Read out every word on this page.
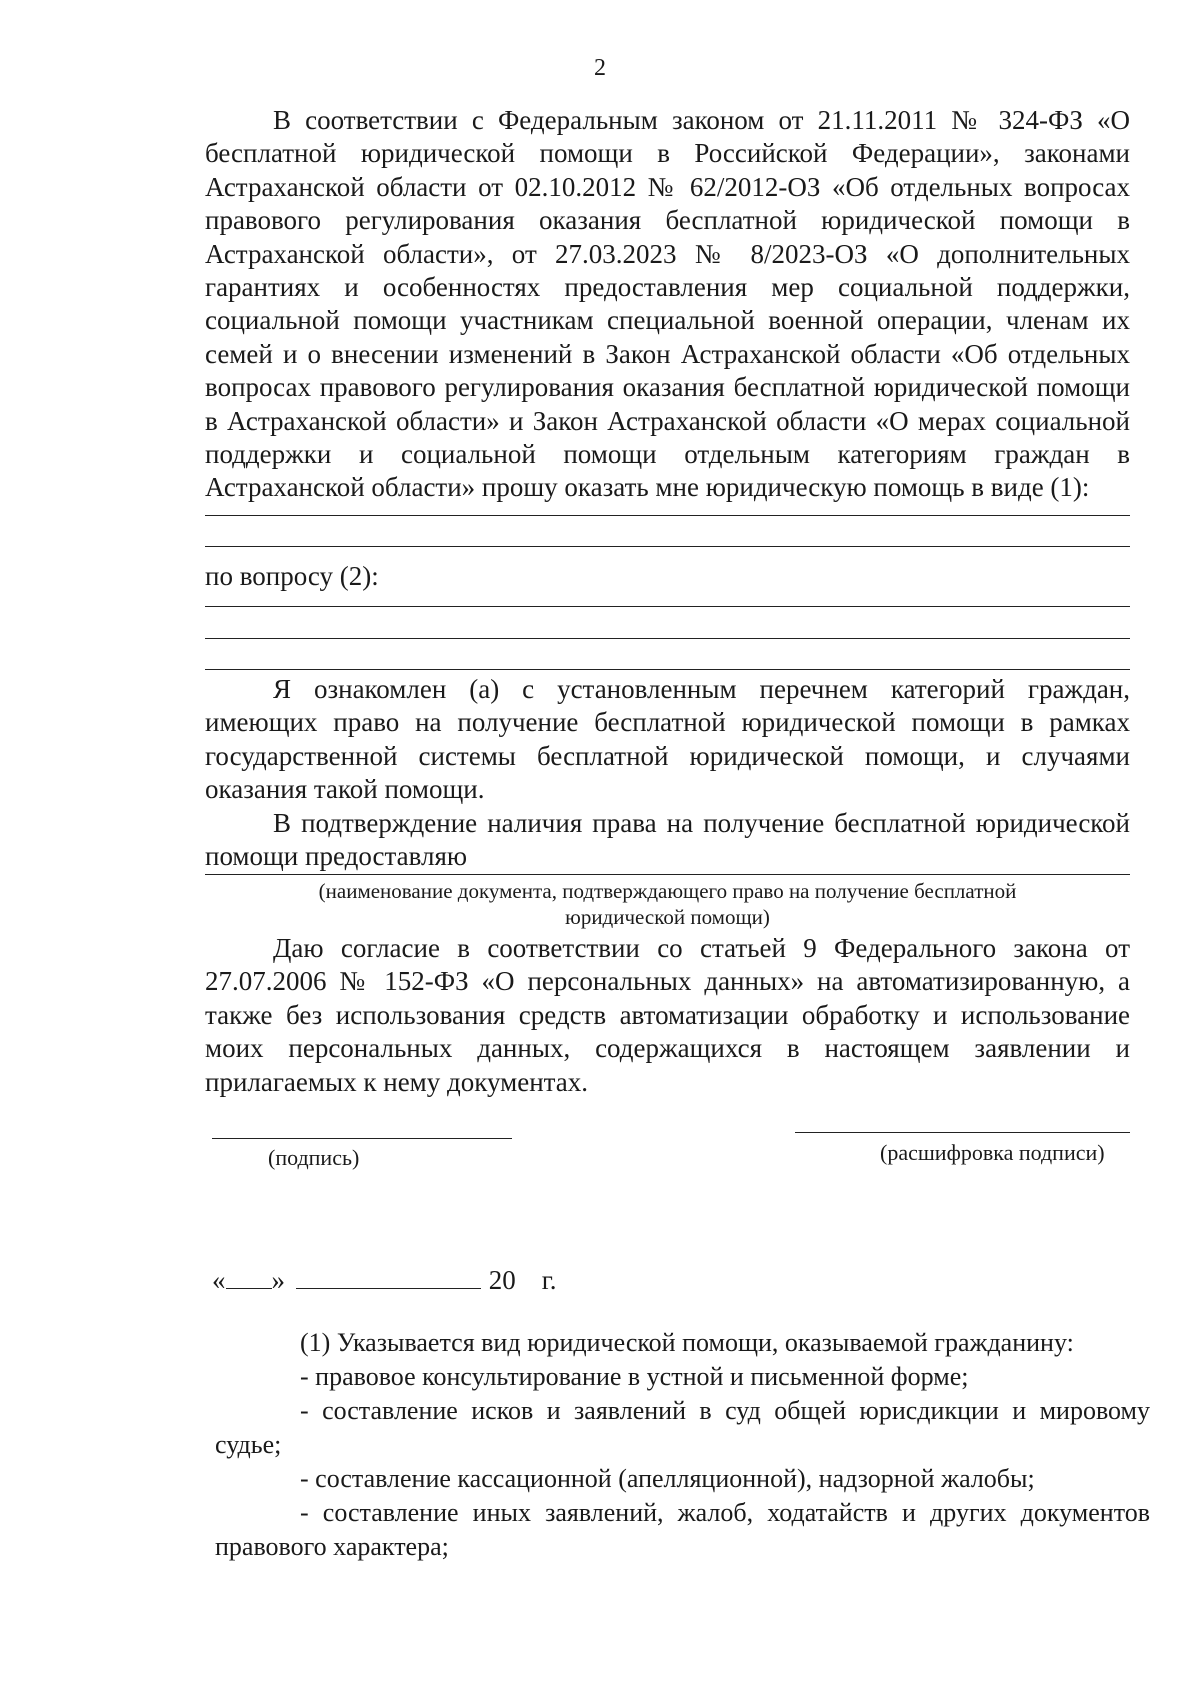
2

В соответствии с Федеральным законом от 21.11.2011 № 324-ФЗ «О бесплатной юридической помощи в Российской Федерации», законами Астраханской области от 02.10.2012 № 62/2012-ОЗ «Об отдельных вопросах правового регулирования оказания бесплатной юридической помощи в Астраханской области», от 27.03.2023 № 8/2023-ОЗ «О дополнительных гарантиях и особенностях предоставления мер социальной поддержки, социальной помощи участникам специальной военной операции, членам их семей и о внесении изменений в Закон Астраханской области «Об отдельных вопросах правового регулирования оказания бесплатной юридической помощи в Астраханской области» и Закон Астраханской области «О мерах социальной поддержки и социальной помощи отдельным категориям граждан в Астраханской области» прошу оказать мне юридическую помощь в виде (1):

по вопросу (2):

Я ознакомлен (а) с установленным перечнем категорий граждан, имеющих право на получение бесплатной юридической помощи в рамках государственной системы бесплатной юридической помощи, и случаями оказания такой помощи.

В подтверждение наличия права на получение бесплатной юридической помощи предоставляю

(наименование документа, подтверждающего право на получение бесплатной
юридической помощи)

Даю согласие в соответствии со статьей 9 Федерального закона от 27.07.2006 № 152-ФЗ «О персональных данных» на автоматизированную, а также без использования средств автоматизации обработку и использование моих персональных данных, содержащихся в настоящем заявлении и прилагаемых к нему документах.

(подпись)	(расшифровка подписи)
« »	20 г.

(1) Указывается вид юридической помощи, оказываемой гражданину:

- правовое консультирование в устной и письменной форме;

- составление исков и заявлений в суд общей юрисдикции и мировому судье;

- составление кассационной (апелляционной), надзорной жалобы;

- составление иных заявлений, жалоб, ходатайств и других документов правового характера;
